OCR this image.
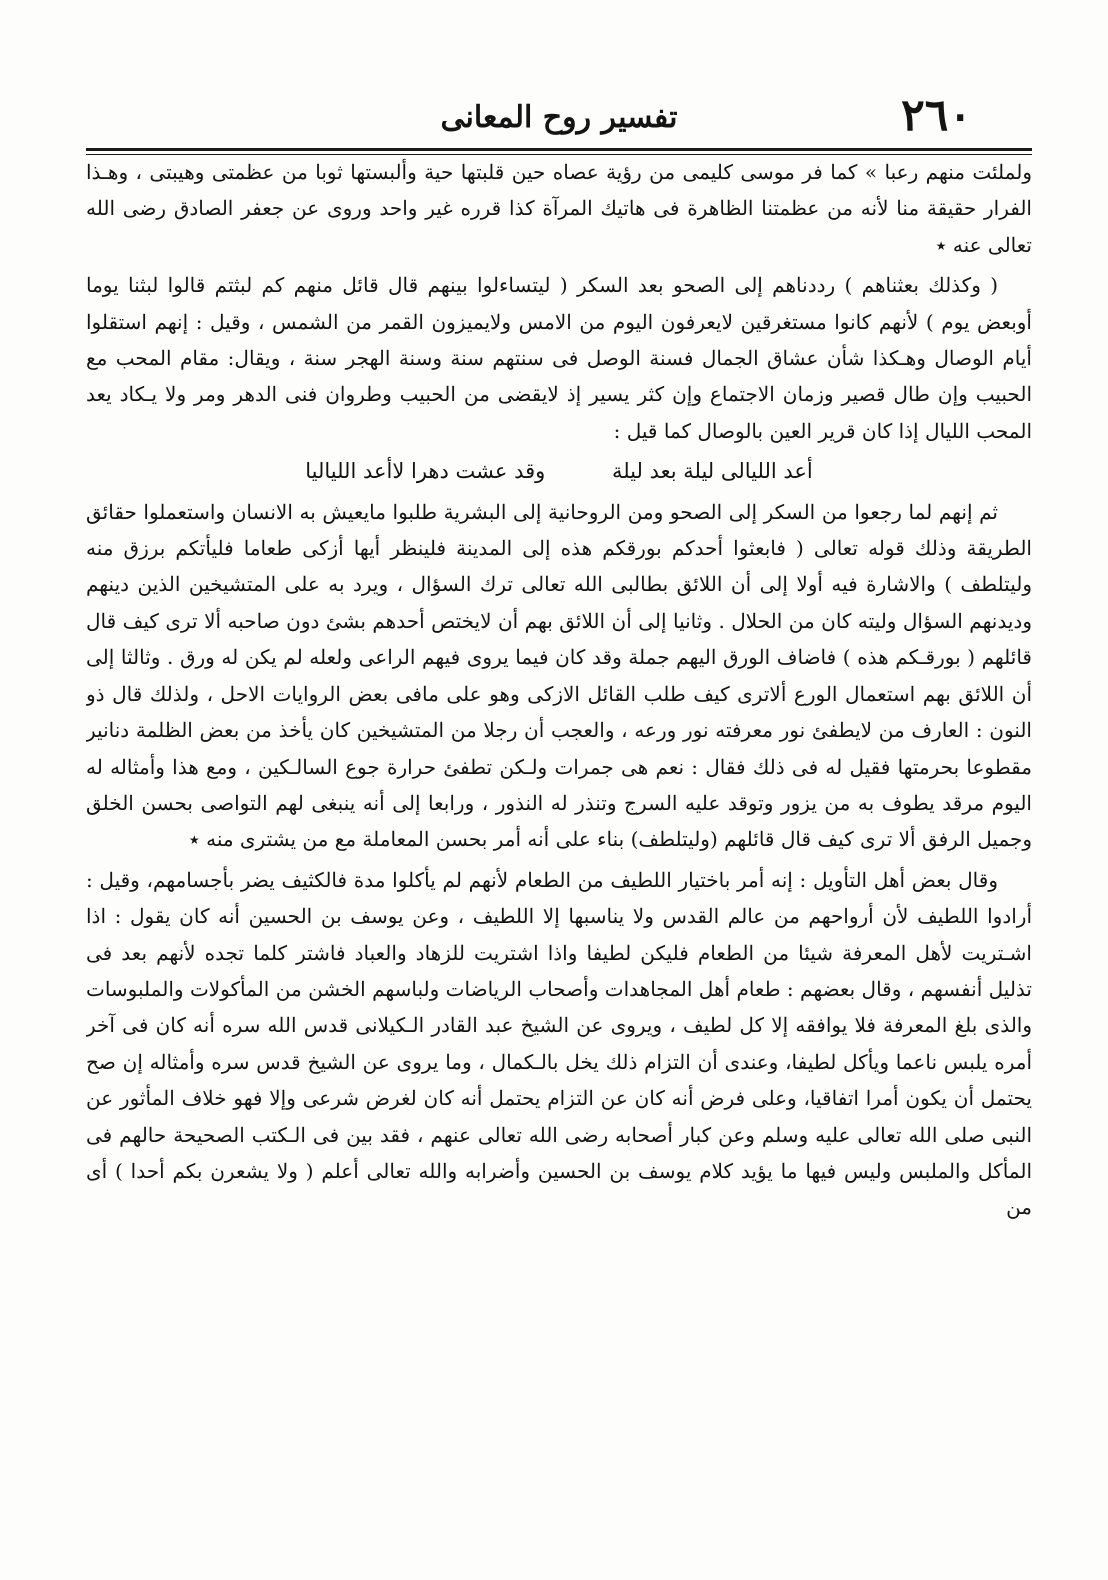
٢٦٠
تفسير روح المعانى

ولملئت منهم رعبا » كما فر موسى كليمى من رؤية عصاه حين قلبتها حية وألبستها ثوبا من عظمتى وهيبتى ، وهـذا الفرار حقيقة منا لأنه من عظمتنا الظاهرة فى هاتيك المرآة كذا قرره غير واحد وروى عن جعفر الصادق رضى الله تعالى عنه ٭

( وكذلك بعثناهم ) رددناهم إلى الصحو بعد السكر ( ليتساءلوا بينهم قال قائل منهم كم لبثتم قالوا لبثنا يوما أوبعض يوم ) لأنهم كانوا مستغرقين لايعرفون اليوم من الامس ولايميزون القمر من الشمس ، وقيل : إنهم استقلوا أيام الوصال وهـكذا شأن عشاق الجمال فسنة الوصل فى سنتهم سنة وسنة الهجر سنة ، ويقال: مقام المحب مع الحبيب وإن طال قصير وزمان الاجتماع وإن كثر يسير إذ لايقضى من الحبيب وطروان فنى الدهر ومر ولا يـكاد يعد المحب الليال إذا كان قرير العين بالوصال كما قيل :

أعد الليالى ليلة بعد ليلة وقد عشت دهرا لاأعد اللياليا

ثم إنهم لما رجعوا من السكر إلى الصحو ومن الروحانية إلى البشرية طلبوا مايعيش به الانسان واستعملوا حقائق الطريقة وذلك قوله تعالى ( فابعثوا أحدكم بورقكم هذه إلى المدينة فلينظر أيها أزكى طعاما فليأتكم برزق منه وليتلطف ) والاشارة فيه أولا إلى أن اللائق بطالبى الله تعالى ترك السؤال ، ويرد به على المتشيخين الذين دينهم وديدنهم السؤال وليته كان من الحلال . وثانيا إلى أن اللائق بهم أن لايختص أحدهم بشئ دون صاحبه ألا ترى كيف قال قائلهم ( بورقـكم هذه ) فاضاف الورق اليهم جملة وقد كان فيما يروى فيهم الراعى ولعله لم يكن له ورق . وثالثا إلى أن اللائق بهم استعمال الورع ألاترى كيف طلب القائل الازكى وهو على مافى بعض الروايات الاحل ، ولذلك قال ذو النون : العارف من لايطفئ نور معرفته نور ورعه ، والعجب أن رجلا من المتشيخين كان يأخذ من بعض الظلمة دنانير مقطوعا بحرمتها فقيل له فى ذلك فقال : نعم هى جمرات ولـكن تطفئ حرارة جوع السالـكين ، ومع هذا وأمثاله له اليوم مرقد يطوف به من يزور وتوقد عليه السرج وتنذر له النذور ، ورابعا إلى أنه ينبغى لهم التواصى بحسن الخلق وجميل الرفق ألا ترى كيف قال قائلهم (وليتلطف) بناء على أنه أمر بحسن المعاملة مع من يشترى منه ٭

وقال بعض أهل التأويل : إنه أمر باختيار اللطيف من الطعام لأنهم لم يأكلوا مدة فالكثيف يضر بأجسامهم، وقيل : أرادوا اللطيف لأن أرواحهم من عالم القدس ولا يناسبها إلا اللطيف ، وعن يوسف بن الحسين أنه كان يقول : اذا اشـتريت لأهل المعرفة شيئا من الطعام فليكن لطيفا واذا اشتريت للزهاد والعباد فاشتر كلما تجده لأنهم بعد فى تذليل أنفسهم ، وقال بعضهم : طعام أهل المجاهدات وأصحاب الرياضات ولباسهم الخشن من المأكولات والملبوسات والذى بلغ المعرفة فلا يوافقه إلا كل لطيف ، ويروى عن الشيخ عبد القادر الـكيلانى قدس الله سره أنه كان فى آخر أمره يلبس ناعما ويأكل لطيفا، وعندى أن التزام ذلك يخل بالـكمال ، وما يروى عن الشيخ قدس سره وأمثاله إن صح يحتمل أن يكون أمرا اتفاقيا، وعلى فرض أنه كان عن التزام يحتمل أنه كان لغرض شرعى وإلا فهو خلاف المأثور عن النبى صلى الله تعالى عليه وسلم وعن كبار أصحابه رضى الله تعالى عنهم ، فقد بين فى الـكتب الصحيحة حالهم فى المأكل والملبس وليس فيها ما يؤيد كلام يوسف بن الحسين وأضرابه والله تعالى أعلم ( ولا يشعرن بكم أحدا ) أى من
